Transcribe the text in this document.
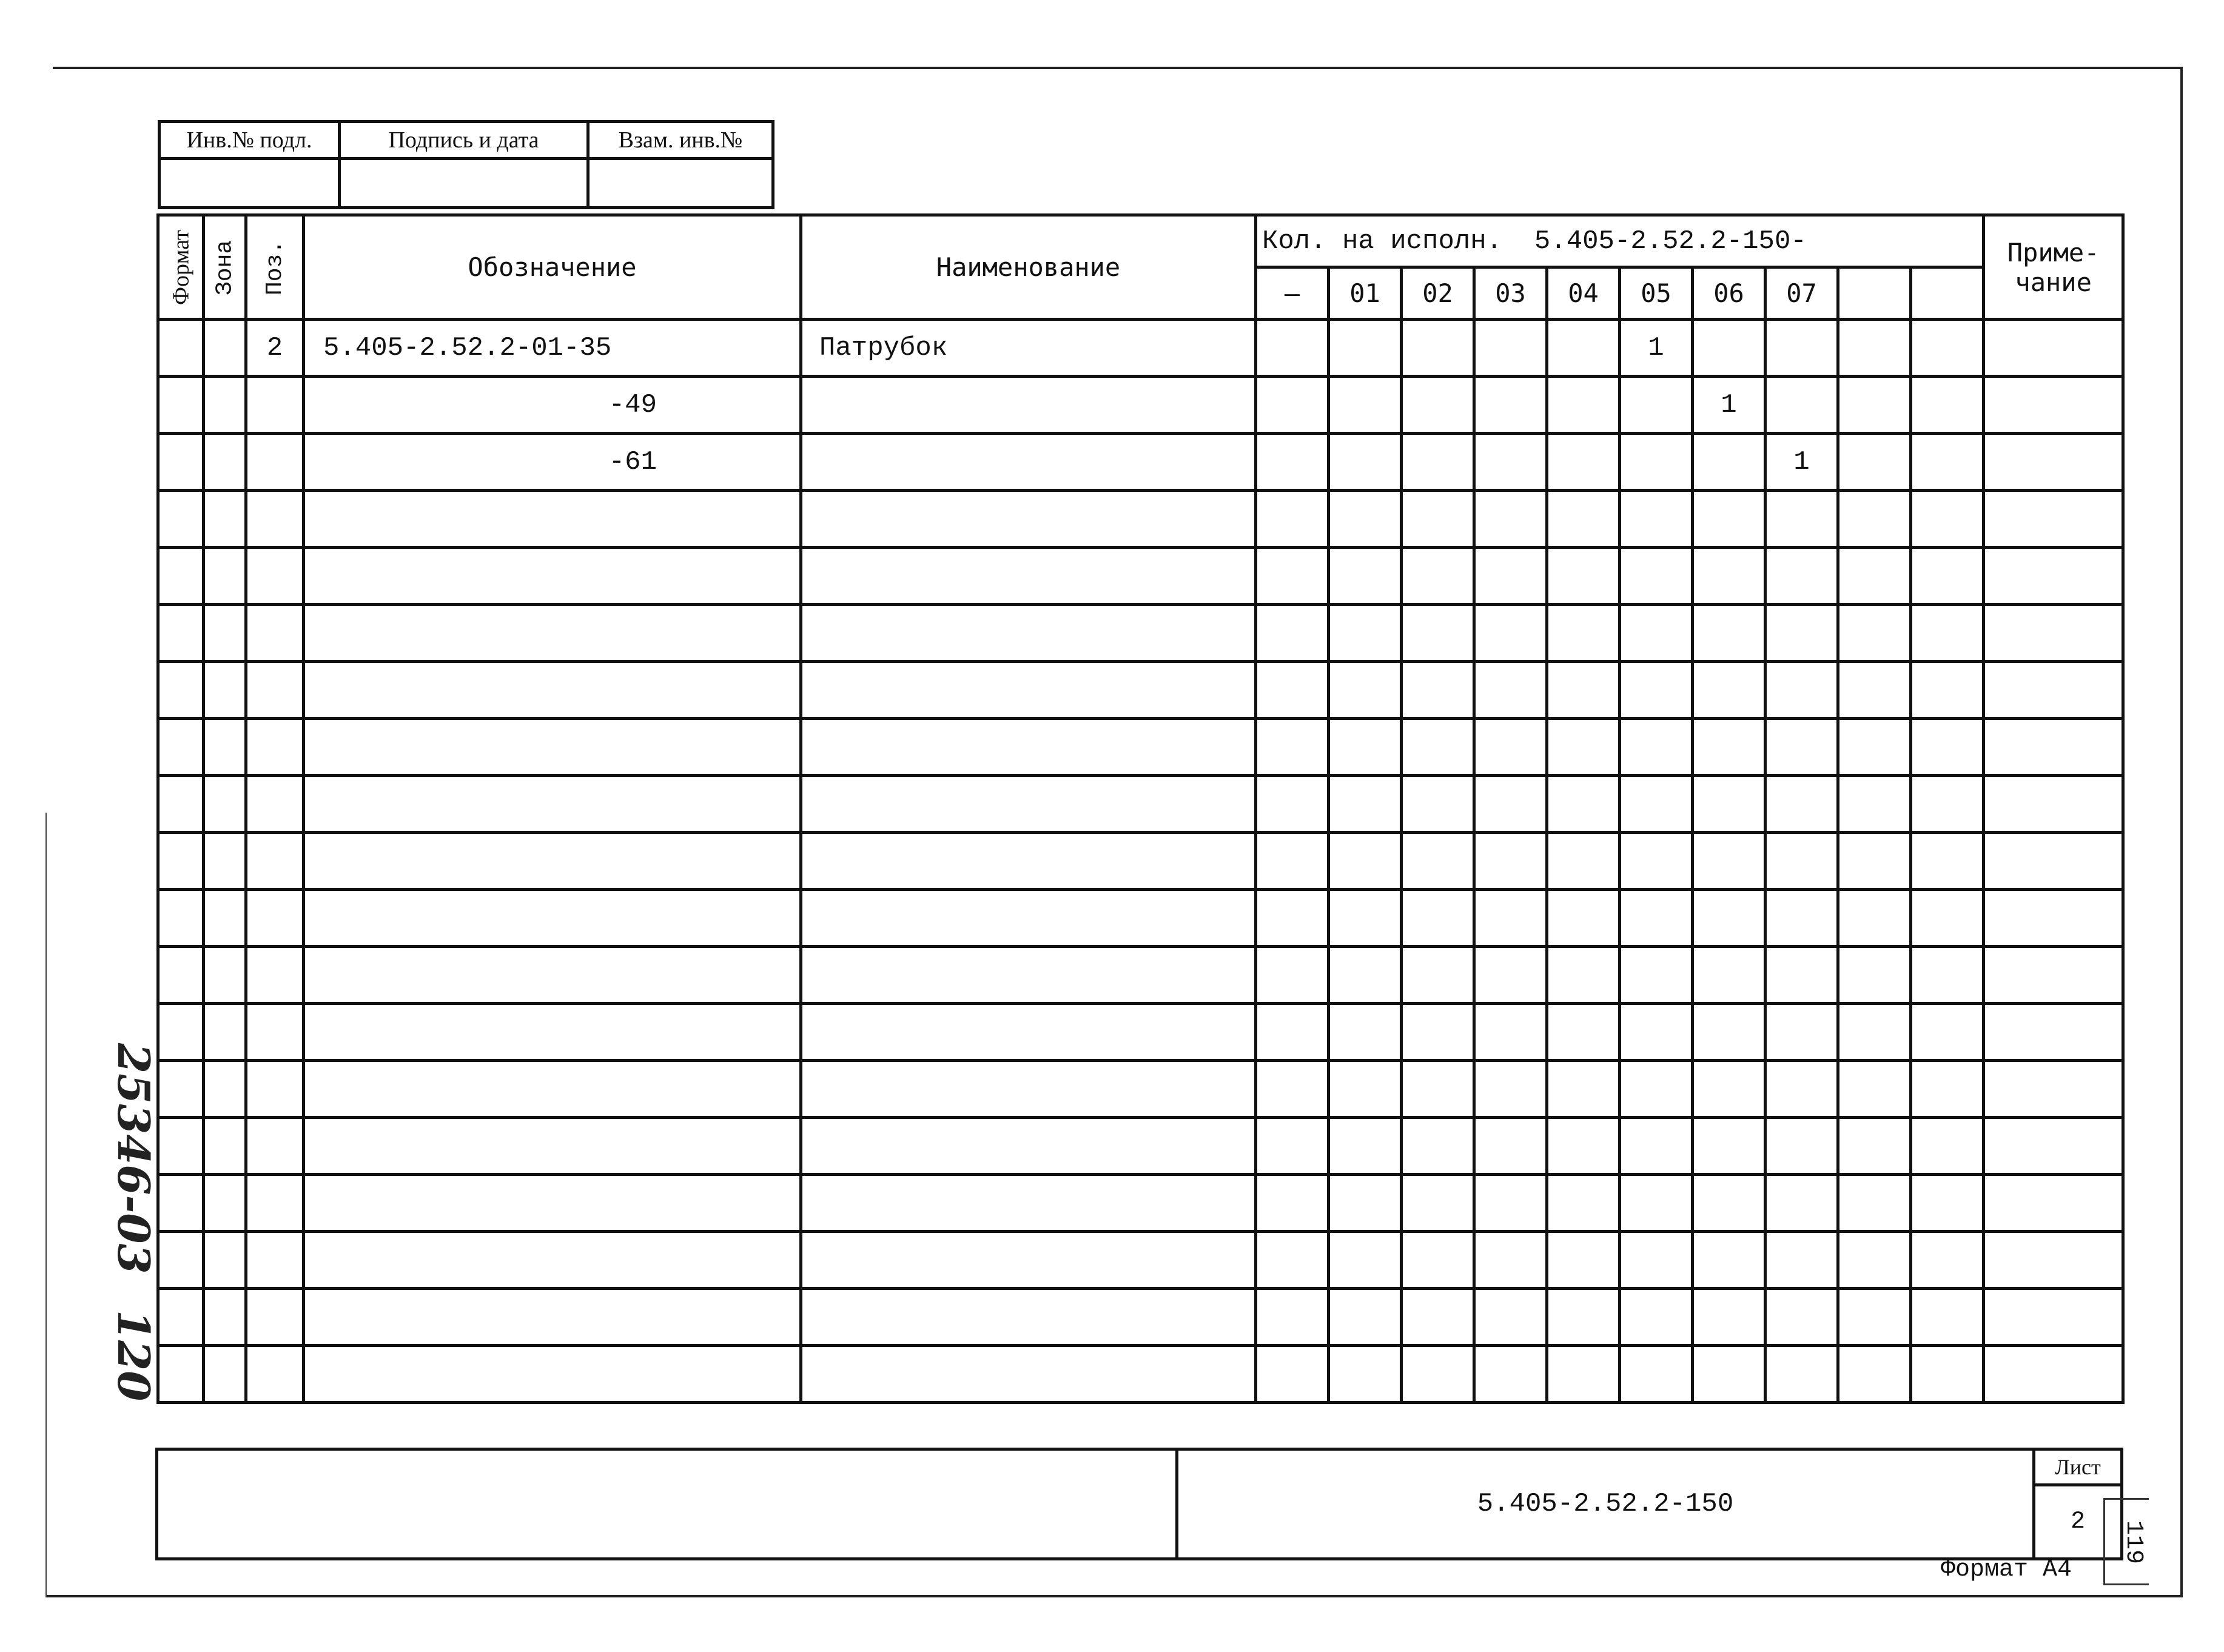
Инв.№ подл.	Подпись и дата	Взам. инв.№

Формат	Зона	Поз.	Обозначение	Наименование	Кол. на исполн. 5.405-2.52.2-150-										Приме-
чание

					–	01	02	03	04	05	06	07			
		2	5.405-2.52.2-01-35	Патрубок						1					
			-49								1				
			-61									1			

	5.405-2.52.2-150	Лист
2
Формат А4
119
25346-03
120
